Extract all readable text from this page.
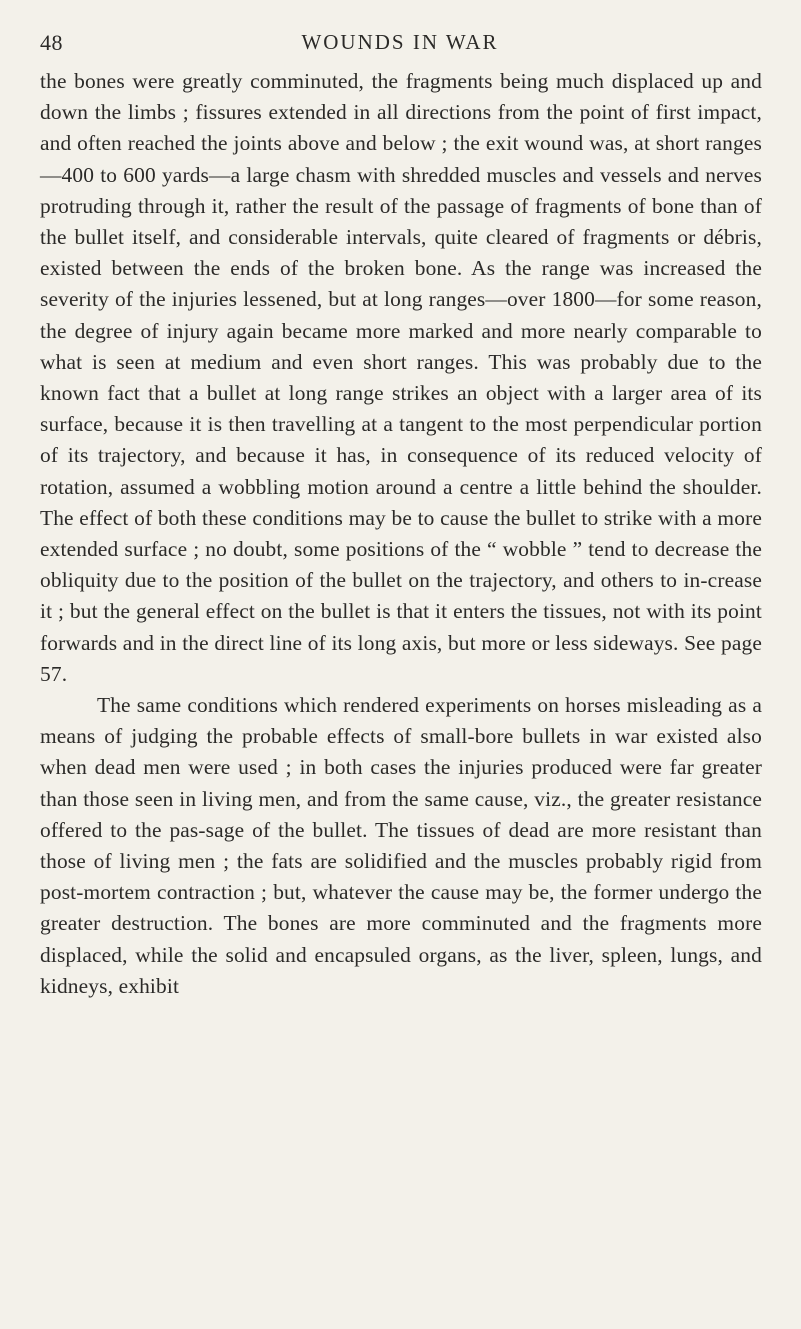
48	WOUNDS IN WAR

the bones were greatly comminuted, the fragments being much displaced up and down the limbs ; fissures extended in all directions from the point of first impact, and often reached the joints above and below ; the exit wound was, at short ranges—400 to 600 yards—a large chasm with shredded muscles and vessels and nerves protruding through it, rather the result of the passage of fragments of bone than of the bullet itself, and considerable intervals, quite cleared of fragments or débris, existed between the ends of the broken bone. As the range was increased the severity of the injuries lessened, but at long ranges—over 1800—for some reason, the degree of injury again became more marked and more nearly comparable to what is seen at medium and even short ranges. This was probably due to the known fact that a bullet at long range strikes an object with a larger area of its surface, because it is then travelling at a tangent to the most perpendicular portion of its trajectory, and because it has, in consequence of its reduced velocity of rotation, assumed a wobbling motion around a centre a little behind the shoulder. The effect of both these conditions may be to cause the bullet to strike with a more extended surface ; no doubt, some positions of the “ wobble ” tend to decrease the obliquity due to the position of the bullet on the trajectory, and others to in-crease it ; but the general effect on the bullet is that it enters the tissues, not with its point forwards and in the direct line of its long axis, but more or less sideways. See page 57.

The same conditions which rendered experiments on horses misleading as a means of judging the probable effects of small-bore bullets in war existed also when dead men were used ; in both cases the injuries produced were far greater than those seen in living men, and from the same cause, viz., the greater resistance offered to the pas-sage of the bullet. The tissues of dead are more resistant than those of living men ; the fats are solidified and the muscles probably rigid from post-mortem contraction ; but, whatever the cause may be, the former undergo the greater destruction. The bones are more comminuted and the fragments more displaced, while the solid and encapsuled organs, as the liver, spleen, lungs, and kidneys, exhibit
